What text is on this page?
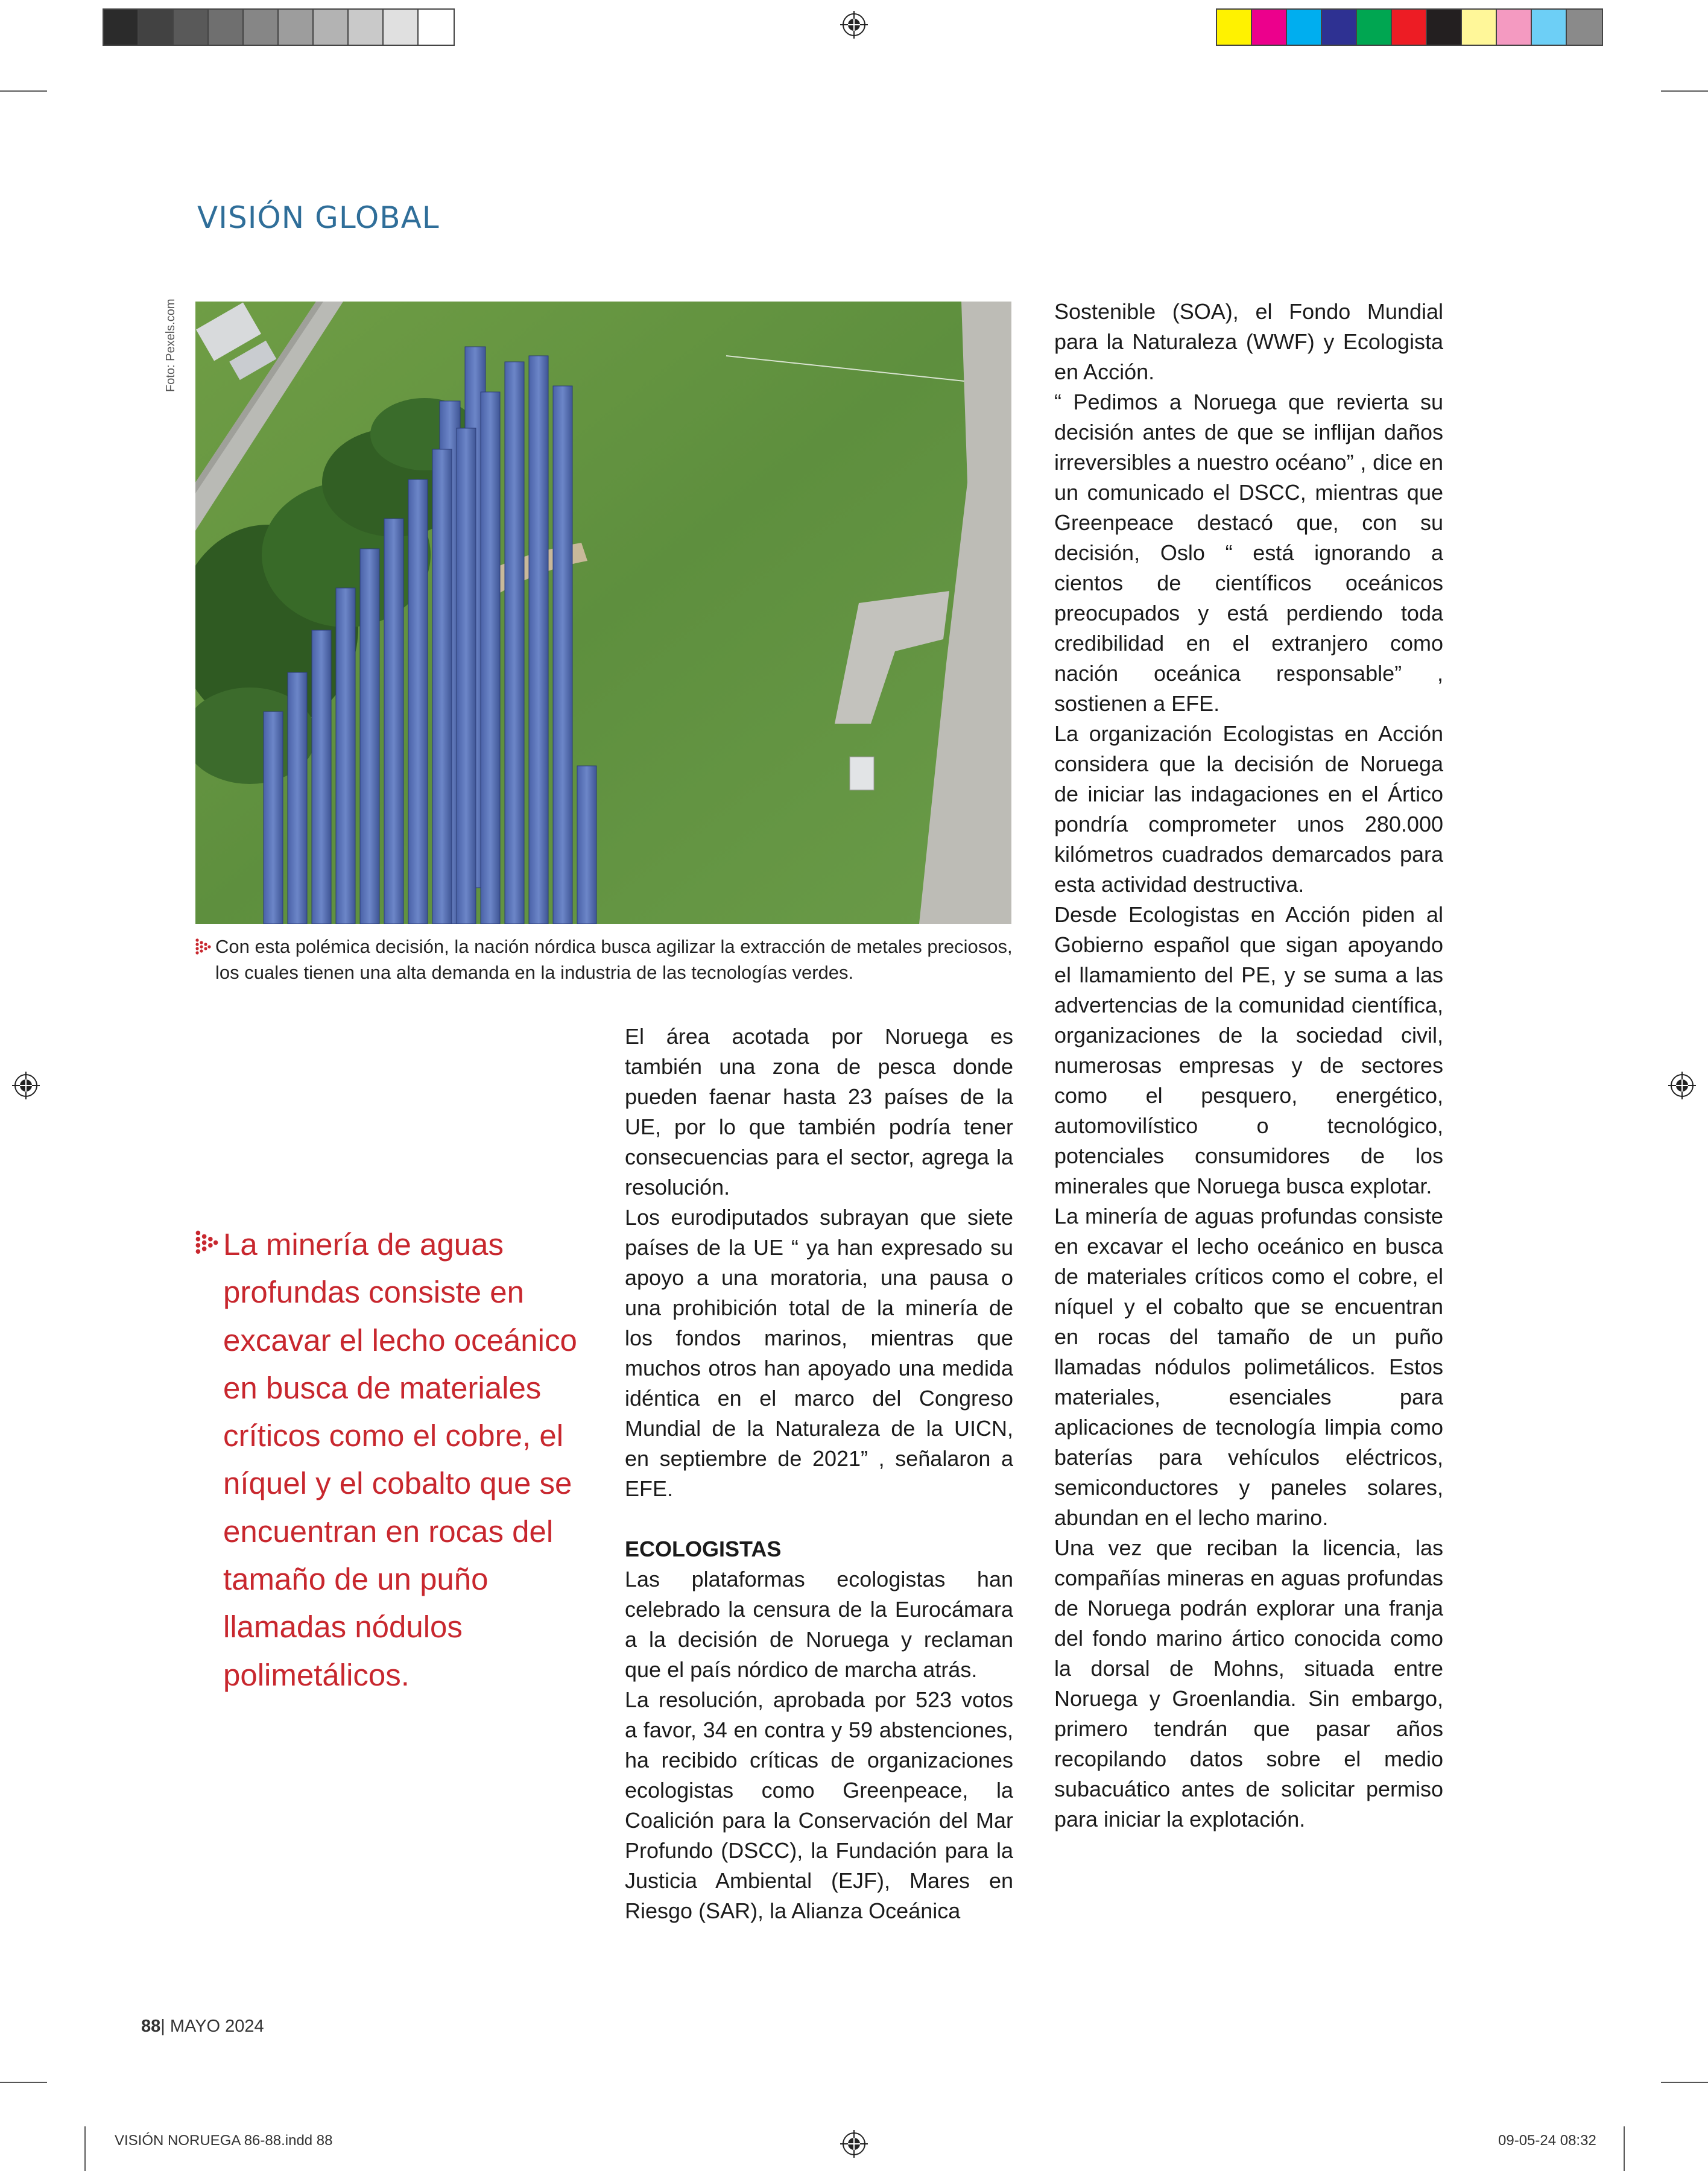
VISIÓN GLOBAL
Foto: Pexels.com
Con esta polémica decisión, la nación nórdica busca agilizar la extracción de metales preciosos, los cuales tienen una alta demanda en la industria de las tecnologías verdes.
La minería de aguas profundas consiste en excavar el lecho oceánico en busca de materiales críticos como el cobre, el níquel y el cobalto que se encuentran en rocas del tamaño de un puño llamadas nódulos polimetálicos.

El área acotada por Noruega es también una zona de pesca donde pueden faenar hasta 23 países de la UE, por lo que también podría tener consecuencias para el sector, agrega la resolución.

Los eurodiputados subrayan que siete países de la UE “ ya han expresado su apoyo a una moratoria, una pausa o una prohibición total de la minería de los fondos marinos, mientras que muchos otros han apoyado una medida idéntica en el marco del Congreso Mundial de la Naturaleza de la UICN, en septiembre de 2021” , señalaron a EFE.

ECOLOGISTAS

Las plataformas ecologistas han celebrado la censura de la Eurocámara a la decisión de Noruega y reclaman que el país nórdico de marcha atrás.

La resolución, aprobada por 523 votos a favor, 34 en contra y 59 abstenciones, ha recibido críticas de organizaciones ecologistas como Greenpeace, la Coalición para la Conservación del Mar Profundo (DSCC), la Fundación para la Justicia Ambiental (EJF), Mares en Riesgo (SAR), la Alianza Oceánica

Sostenible (SOA), el Fondo Mundial para la Naturaleza (WWF) y Ecologista en Acción.

“ Pedimos a Noruega que revierta su decisión antes de que se inflijan daños irreversibles a nuestro océano” , dice en un comunicado el DSCC, mientras que Greenpeace destacó que, con su decisión, Oslo “ está ignorando a cientos de científicos oceánicos preocupados y está perdiendo toda credibilidad en el extranjero como nación oceánica responsable” , sostienen a EFE.

La organización Ecologistas en Acción considera que la decisión de Noruega de iniciar las indagaciones en el Ártico pondría comprometer unos 280.000 kilómetros cuadrados demarcados para esta actividad destructiva.

Desde Ecologistas en Acción piden al Gobierno español que sigan apoyando el llamamiento del PE, y se suma a las advertencias de la comunidad científica, organizaciones de la sociedad civil, numerosas empresas y de sectores como el pesquero, energético, automovilístico o tecnológico, potenciales consumidores de los minerales que Noruega busca explotar.

La minería de aguas profundas consiste en excavar el lecho oceánico en busca de materiales críticos como el cobre, el níquel y el cobalto que se encuentran en rocas del tamaño de un puño llamadas nódulos polimetálicos. Estos materiales, esenciales para aplicaciones de tecnología limpia como baterías para vehículos eléctricos, semiconductores y paneles solares, abundan en el lecho marino.

Una vez que reciban la licencia, las compañías mineras en aguas profundas de Noruega podrán explorar una franja del fondo marino ártico conocida como la dorsal de Mohns, situada entre Noruega y Groenlandia. Sin embargo, primero tendrán que pasar años recopilando datos sobre el medio subacuático antes de solicitar permiso para iniciar la explotación.

88| MAYO 2024
VISIÓN NORUEGA 86-88.indd 88	09-05-24 08:32
